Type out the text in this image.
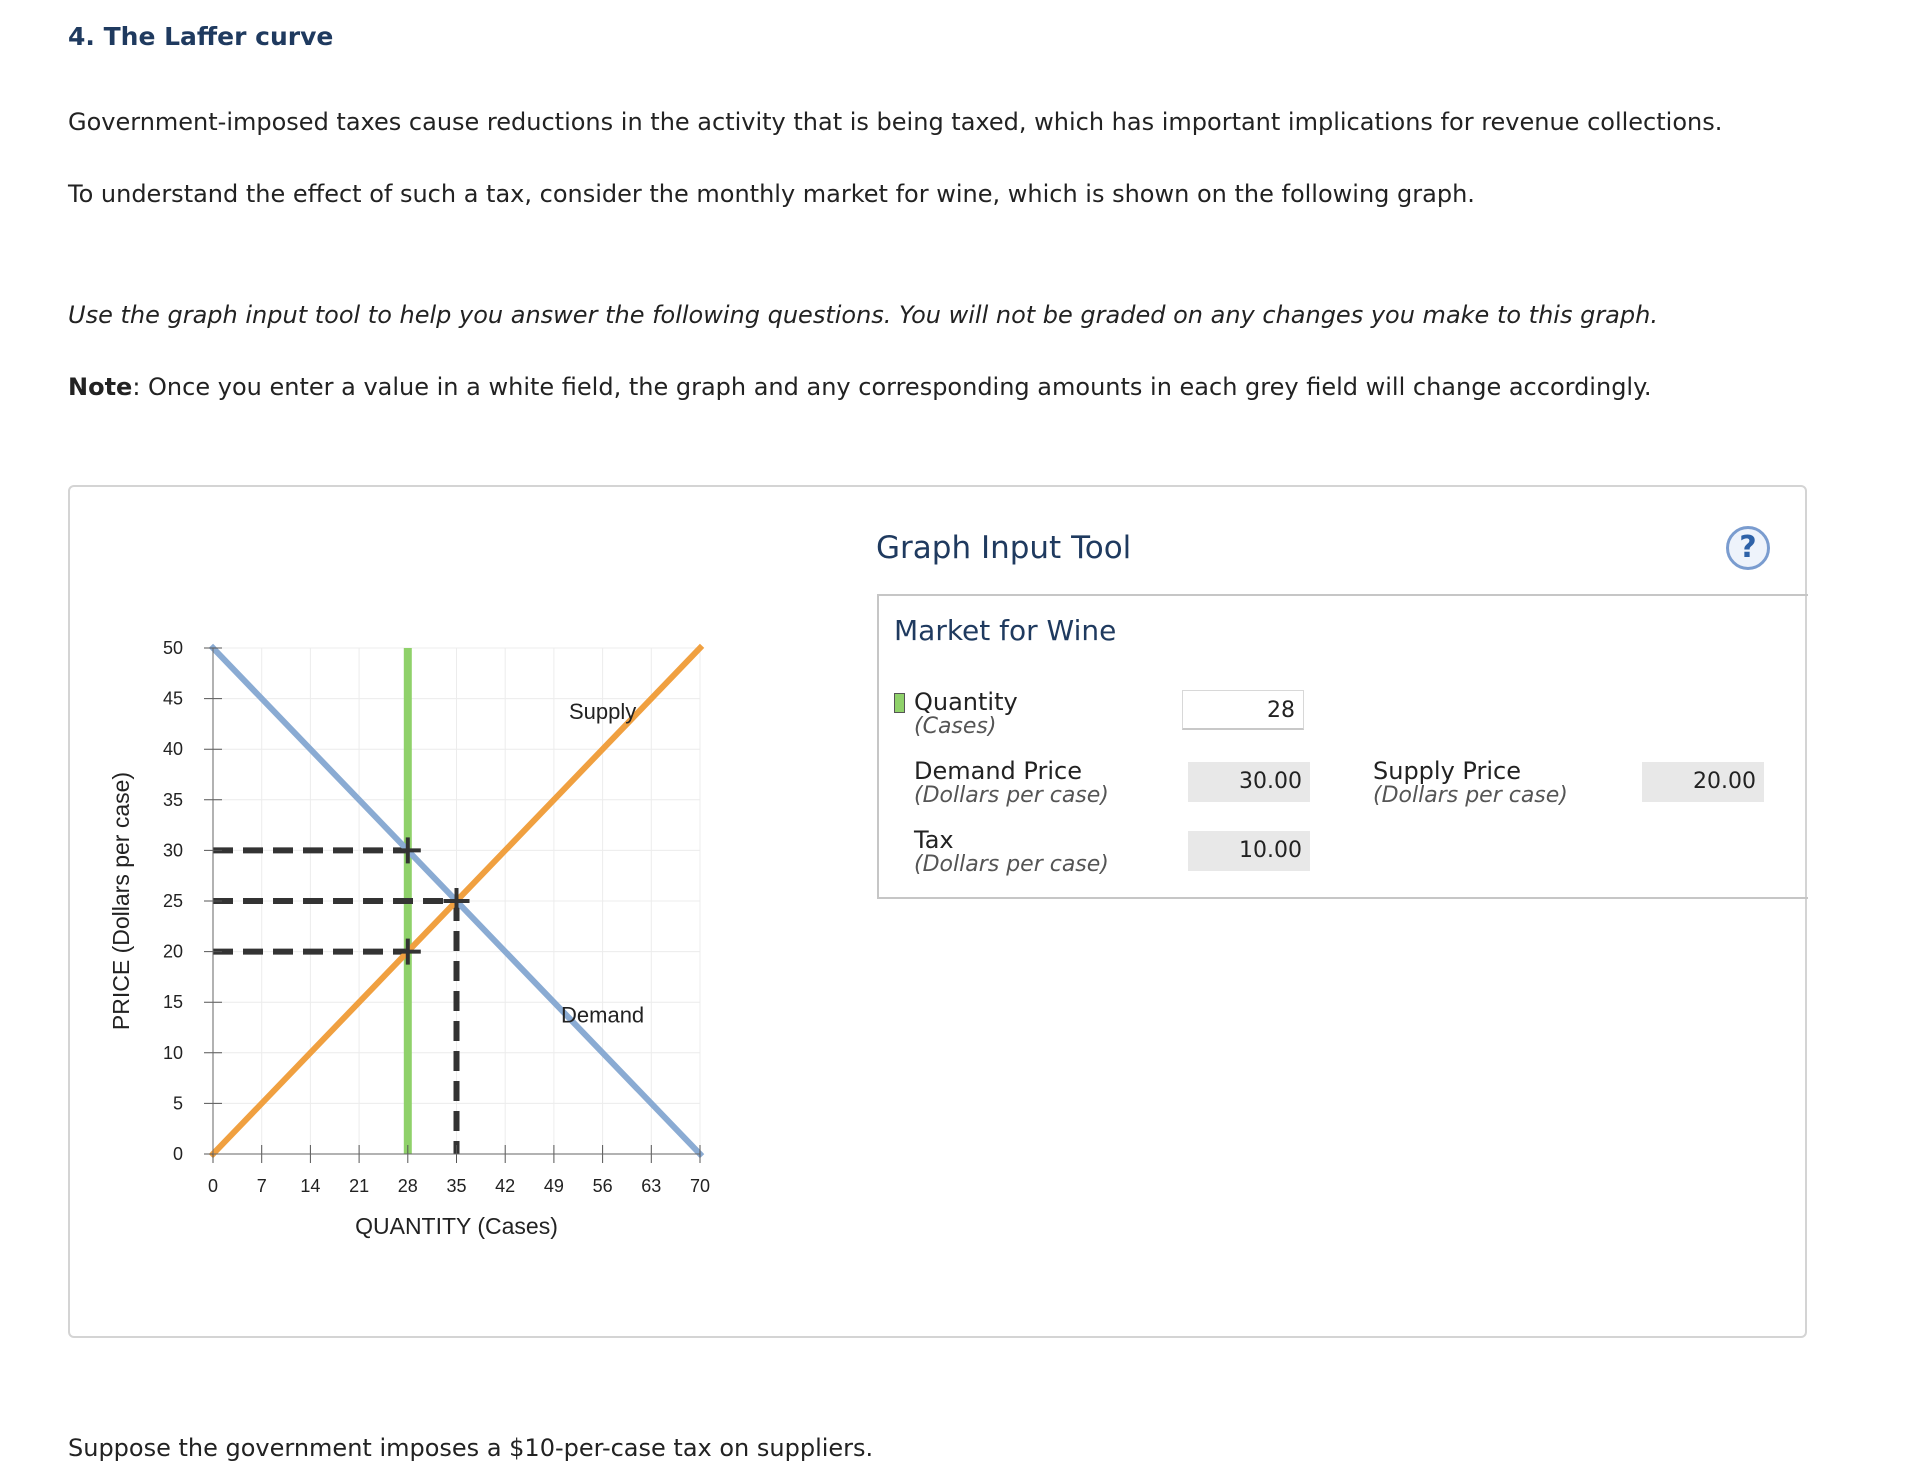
4. The Laffer curve
Government-imposed taxes cause reductions in the activity that is being taxed, which has important implications for revenue collections.
To understand the effect of such a tax, consider the monthly market for wine, which is shown on the following graph.
Use the graph input tool to help you answer the following questions. You will not be graded on any changes you make to this graph.
Note: Once you enter a value in a white field, the graph and any corresponding amounts in each grey field will change accordingly.
Suppose the government imposes a $10-per-case tax on suppliers.
0 7 14 21 28 35 42 49 56 63 70
0
5
10
15
20
25
30
35
40
45
50
QUANTITY (Cases)
PRICE (Dollars per case)
Supply
Demand
Graph Input Tool	?
Market for Wine
Quantity
(Cases)
28
Demand Price
(Dollars per case)
30.00	Supply Price
(Dollars per case)
20.00
Tax
(Dollars per case)
10.00
